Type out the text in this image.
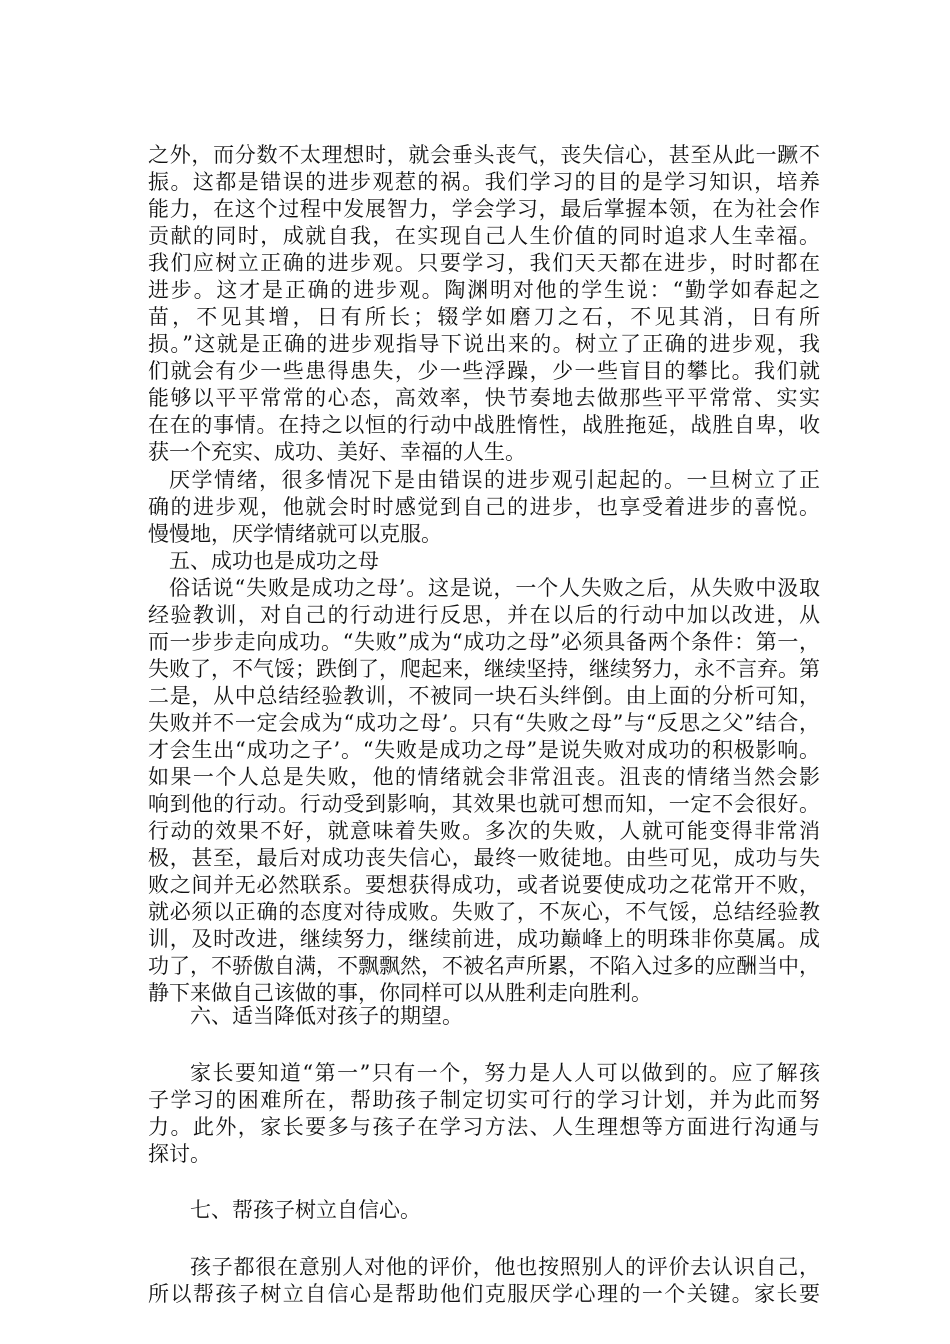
之外，而分数不太理想时，就会垂头丧气，丧失信心，甚至从此一蹶不
振。这都是错误的进步观惹的祸。我们学习的目的是学习知识，培养
能力，在这个过程中发展智力，学会学习，最后掌握本领，在为社会作
贡献的同时，成就自我，在实现自己人生价值的同时追求人生幸福。
我们应树立正确的进步观。只要学习，我们天天都在进步，时时都在
进步。这才是正确的进步观。陶渊明对他的学生说：“勤学如春起之
苗，不见其增，日有所长；辍学如磨刀之石，不见其消，日有所
损。”这就是正确的进步观指导下说出来的。树立了正确的进步观，我
们就会有少一些患得患失，少一些浮躁，少一些盲目的攀比。我们就
能够以平平常常的心态，高效率，快节奏地去做那些平平常常、实实
在在的事情。在持之以恒的行动中战胜惰性，战胜拖延，战胜自卑，收
获一个充实、成功、美好、幸福的人生。
厌学情绪，很多情况下是由错误的进步观引起起的。一旦树立了正
确的进步观，他就会时时感觉到自己的进步，也享受着进步的喜悦。
慢慢地，厌学情绪就可以克服。
五、成功也是成功之母
俗话说“失败是成功之母’。这是说，一个人失败之后，从失败中汲取
经验教训，对自己的行动进行反思，并在以后的行动中加以改进，从
而一步步走向成功。“失败”成为“成功之母”必须具备两个条件：第一，
失败了，不气馁；跌倒了，爬起来，继续坚持，继续努力，永不言弃。第
二是，从中总结经验教训，不被同一块石头绊倒。由上面的分析可知，
失败并不一定会成为“成功之母’。只有“失败之母”与“反思之父”结合，
才会生出“成功之子’。“失败是成功之母”是说失败对成功的积极影响。
如果一个人总是失败，他的情绪就会非常沮丧。沮丧的情绪当然会影
响到他的行动。行动受到影响，其效果也就可想而知，一定不会很好。
行动的效果不好，就意味着失败。多次的失败，人就可能变得非常消
极，甚至，最后对成功丧失信心，最终一败徒地。由些可见，成功与失
败之间并无必然联系。要想获得成功，或者说要使成功之花常开不败，
就必须以正确的态度对待成败。失败了，不灰心，不气馁，总结经验教
训，及时改进，继续努力，继续前进，成功巅峰上的明珠非你莫属。成
功了，不骄傲自满，不飘飘然，不被名声所累，不陷入过多的应酬当中，
静下来做自己该做的事，你同样可以从胜利走向胜利。
六、适当降低对孩子的期望。
家长要知道“第一”只有一个，努力是人人可以做到的。应了解孩
子学习的困难所在，帮助孩子制定切实可行的学习计划，并为此而努
力。此外，家长要多与孩子在学习方法、人生理想等方面进行沟通与
探讨。
七、帮孩子树立自信心。
孩子都很在意别人对他的评价，他也按照别人的评价去认识自己，
所以帮孩子树立自信心是帮助他们克服厌学心理的一个关键。家长要
